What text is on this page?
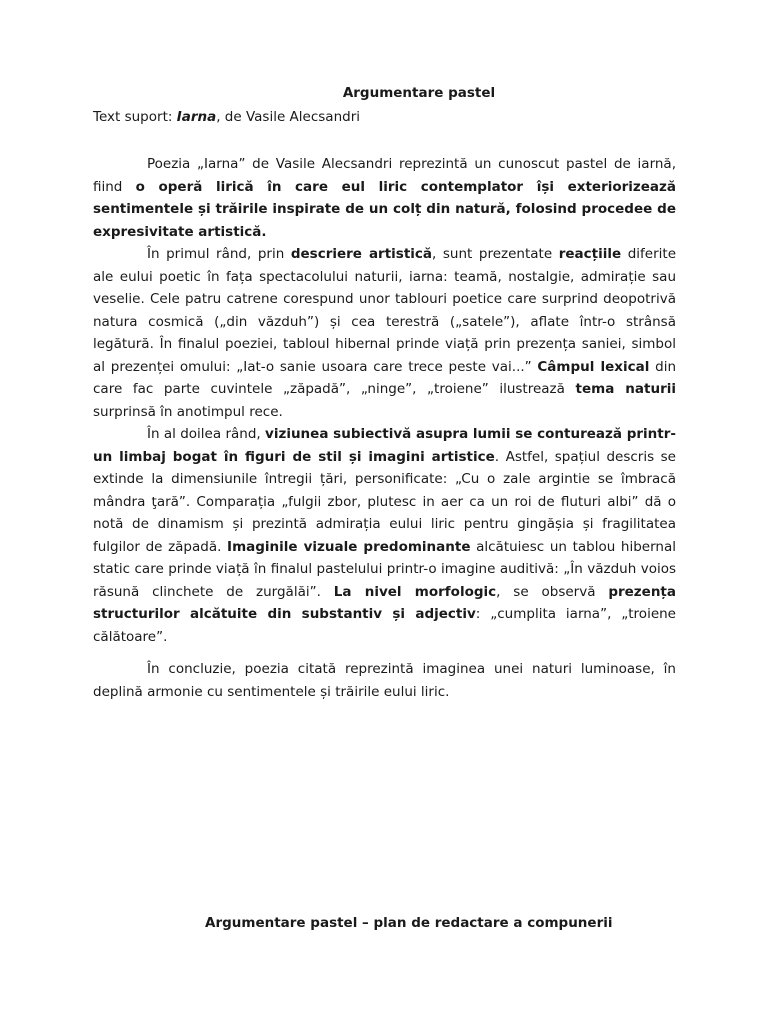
Argumentare pastel

Text suport: Iarna, de Vasile Alecsandri

Poezia „Iarna” de Vasile Alecsandri reprezintă un cunoscut pastel de iarnă, fiind o operă lirică în care eul liric contemplator își exteriorizează sentimentele și trăirile inspirate de un colț din natură, folosind procedee de expresivitate artistică.

În primul rând, prin descriere artistică, sunt prezentate reacțiile diferite ale eului poetic în fața spectacolului naturii, iarna: teamă, nostalgie, admirație sau veselie. Cele patru catrene corespund unor tablouri poetice care surprind deopotrivă natura cosmică („din văzduh”) și cea terestră („satele”), aflate într-o strânsă legătură. În finalul poeziei, tabloul hibernal prinde viață prin prezența saniei, simbol al prezenței omului: „Iat-o sanie usoara care trece peste vai...” Câmpul lexical din care fac parte cuvintele „zăpadă”, „ninge”, „troiene” ilustrează tema naturii surprinsă în anotimpul rece.

În al doilea rând, viziunea subiectivă asupra lumii se conturează printr-un limbaj bogat în figuri de stil și imagini artistice. Astfel, spațiul descris se extinde la dimensiunile întregii țări, personificate: „Cu o zale argintie se îmbracă mândra ţară”. Comparația „fulgii zbor, plutesc in aer ca un roi de fluturi albi” dă o notă de dinamism și prezintă admirația eului liric pentru gingășia și fragilitatea fulgilor de zăpadă. Imaginile vizuale predominante alcătuiesc un tablou hibernal static care prinde viață în finalul pastelului printr-o imagine auditivă: „În văzduh voios răsună clinchete de zurgălăi”. La nivel morfologic, se observă prezența structurilor alcătuite din substantiv și adjectiv: „cumplita iarna”, „troiene călătoare”.

În concluzie, poezia citată reprezintă imaginea unei naturi luminoase, în deplină armonie cu sentimentele și trăirile eului liric.

Argumentare pastel – plan de redactare a compunerii
